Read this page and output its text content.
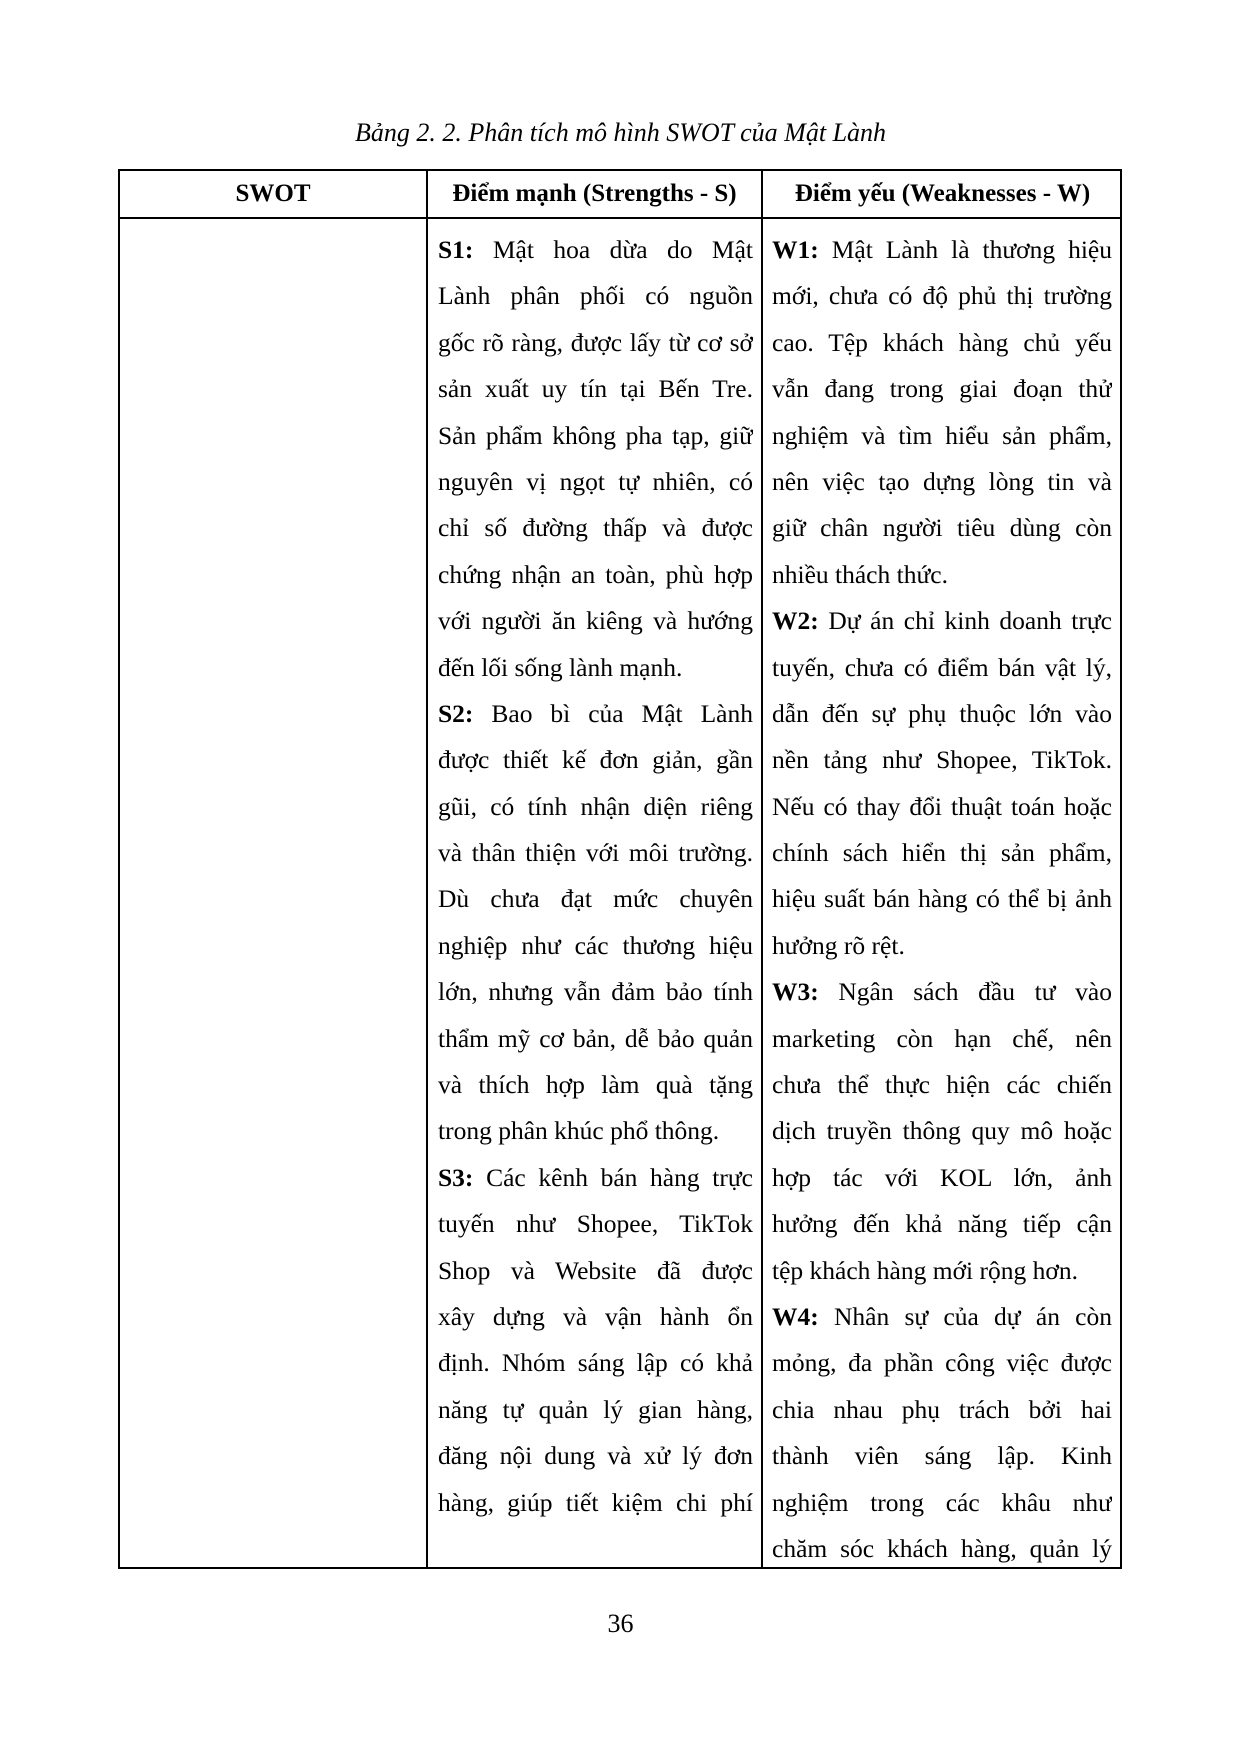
Bảng 2. 2. Phân tích mô hình SWOT của Mật Lành
SWOT	Điểm mạnh (Strengths - S)	Điểm yếu (Weaknesses - W)
S1: Mật hoa dừa do Mật
Lành phân phối có nguồn
gốc rõ ràng, được lấy từ cơ sở
sản xuất uy tín tại Bến Tre.
Sản phẩm không pha tạp, giữ
nguyên vị ngọt tự nhiên, có
chỉ số đường thấp và được
chứng nhận an toàn, phù hợp
với người ăn kiêng và hướng
đến lối sống lành mạnh.
S2: Bao bì của Mật Lành
được thiết kế đơn giản, gần
gũi, có tính nhận diện riêng
và thân thiện với môi trường.
Dù chưa đạt mức chuyên
nghiệp như các thương hiệu
lớn, nhưng vẫn đảm bảo tính
thẩm mỹ cơ bản, dễ bảo quản
và thích hợp làm quà tặng
trong phân khúc phổ thông.
S3: Các kênh bán hàng trực
tuyến như Shopee, TikTok
Shop và Website đã được
xây dựng và vận hành ổn
định. Nhóm sáng lập có khả
năng tự quản lý gian hàng,
đăng nội dung và xử lý đơn
hàng, giúp tiết kiệm chi phí
W1: Mật Lành là thương hiệu
mới, chưa có độ phủ thị trường
cao. Tệp khách hàng chủ yếu
vẫn đang trong giai đoạn thử
nghiệm và tìm hiểu sản phẩm,
nên việc tạo dựng lòng tin và
giữ chân người tiêu dùng còn
nhiều thách thức.
W2: Dự án chỉ kinh doanh trực
tuyến, chưa có điểm bán vật lý,
dẫn đến sự phụ thuộc lớn vào
nền tảng như Shopee, TikTok.
Nếu có thay đổi thuật toán hoặc
chính sách hiển thị sản phẩm,
hiệu suất bán hàng có thể bị ảnh
hưởng rõ rệt.
W3: Ngân sách đầu tư vào
marketing còn hạn chế, nên
chưa thể thực hiện các chiến
dịch truyền thông quy mô hoặc
hợp tác với KOL lớn, ảnh
hưởng đến khả năng tiếp cận
tệp khách hàng mới rộng hơn.
W4: Nhân sự của dự án còn
mỏng, đa phần công việc được
chia nhau phụ trách bởi hai
thành viên sáng lập. Kinh
nghiệm trong các khâu như
chăm sóc khách hàng, quản lý
36
